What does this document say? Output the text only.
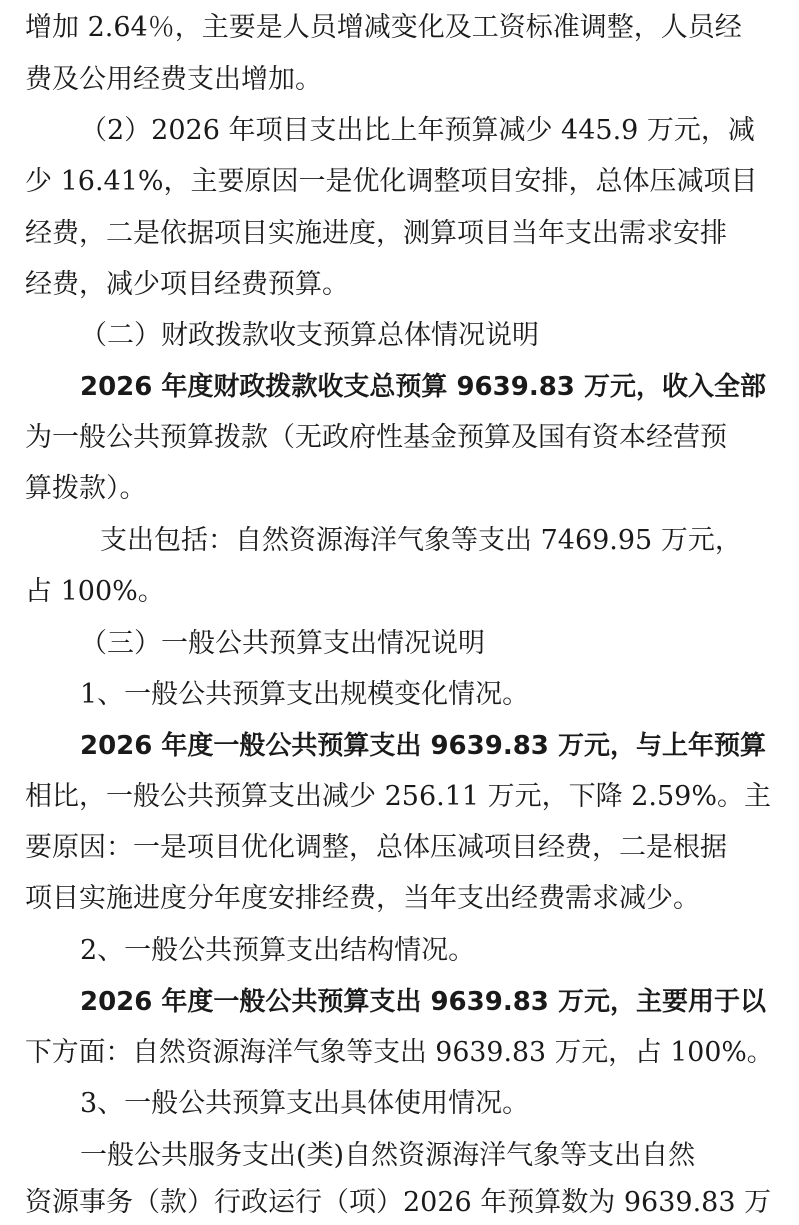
增加 2.64％，主要是人员增减变化及工资标准调整，人员经
费及公用经费支出增加。
（2）2026 年项目支出比上年预算减少 445.9 万元，减
少 16.41%，主要原因一是优化调整项目安排，总体压减项目
经费，二是依据项目实施进度，测算项目当年支出需求安排
经费，减少项目经费预算。
（二）财政拨款收支预算总体情况说明
2026 年度财政拨款收支总预算 9639.83 万元，收入全部
为一般公共预算拨款（无政府性基金预算及国有资本经营预
算拨款）。
支出包括：自然资源海洋气象等支出 7469.95 万元，
占 100%。
（三）一般公共预算支出情况说明
1、一般公共预算支出规模变化情况。
2026 年度一般公共预算支出 9639.83 万元，与上年预算
相比，一般公共预算支出减少 256.11 万元，下降 2.59%。主
要原因：一是项目优化调整，总体压减项目经费，二是根据
项目实施进度分年度安排经费，当年支出经费需求减少。
2、一般公共预算支出结构情况。
2026 年度一般公共预算支出 9639.83 万元，主要用于以
下方面：自然资源海洋气象等支出 9639.83 万元，占 100%。
3、一般公共预算支出具体使用情况。
一般公共服务支出(类)自然资源海洋气象等支出自然
资源事务（款）行政运行（项）2026 年预算数为 9639.83 万
